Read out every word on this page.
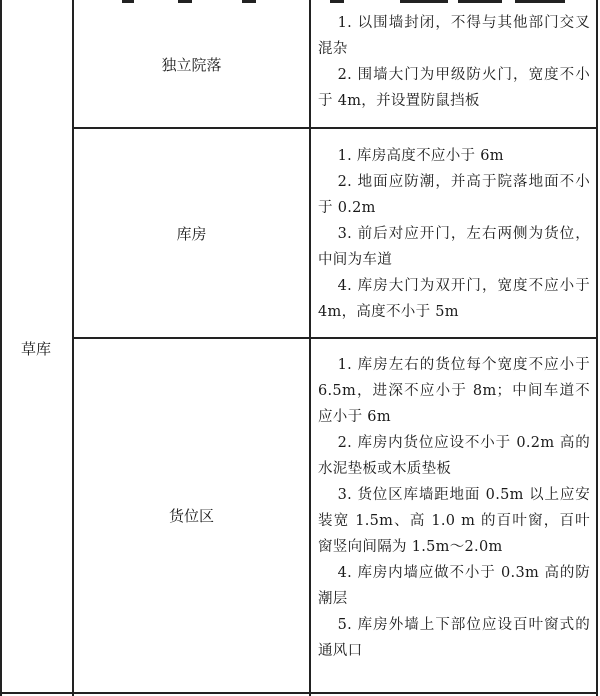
草库
独立院落

1. 以围墙封闭，不得与其他部门交叉混杂

2. 围墙大门为甲级防火门，宽度不小于 4m，并设置防鼠挡板

库房

1. 库房高度不应小于 6m

2. 地面应防潮，并高于院落地面不小于 0.2m

3. 前后对应开门，左右两侧为货位，中间为车道

4. 库房大门为双开门，宽度不应小于 4m，高度不小于 5m

货位区

1. 库房左右的货位每个宽度不应小于 6.5m，进深不应小于 8m；中间车道不应小于 6m

2. 库房内货位应设不小于 0.2m 高的水泥垫板或木质垫板

3. 货位区库墙距地面 0.5m 以上应安装宽 1.5m、高 1.0 m 的百叶窗，百叶窗竖向间隔为 1.5m～2.0m

4. 库房内墙应做不小于 0.3m 高的防潮层

5. 库房外墙上下部位应设百叶窗式的通风口
